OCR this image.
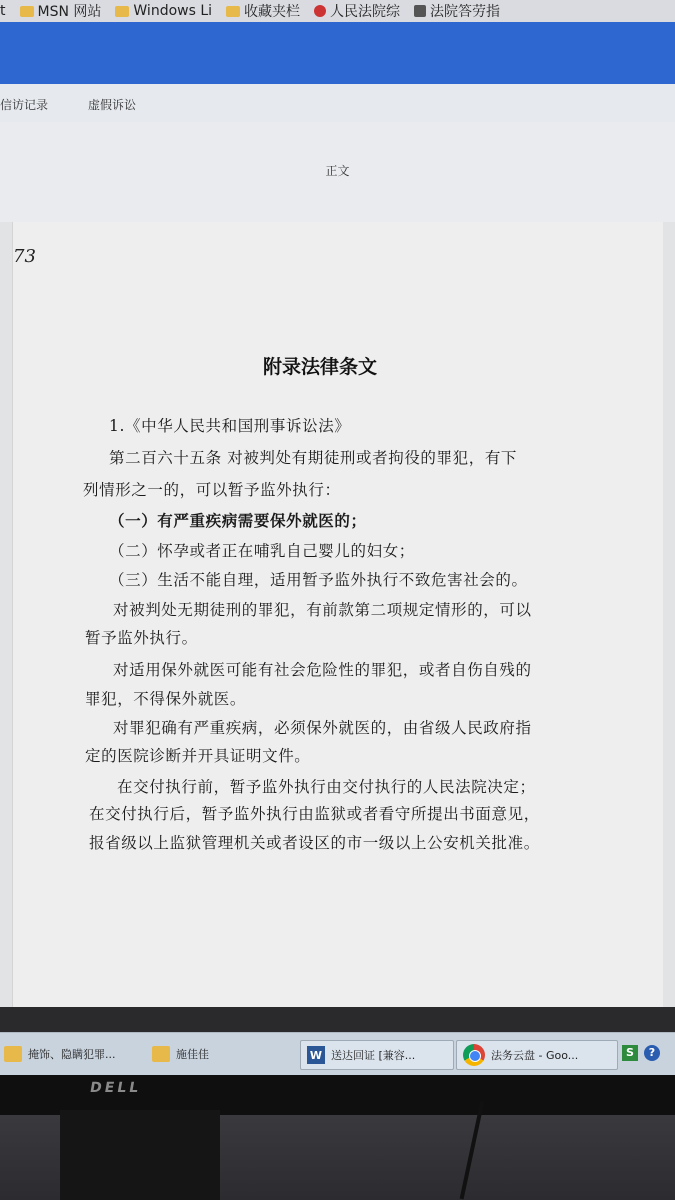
t MSN 网站 Windows Li 收藏夹栏 人民法院综 法院答劳指
信访记录	虚假诉讼
正文
73
附录法律条文
1.《中华人民共和国刑事诉讼法》
第二百六十五条 对被判处有期徒刑或者拘役的罪犯，有下
列情形之一的，可以暂予监外执行：
（一）有严重疾病需要保外就医的；
（二）怀孕或者正在哺乳自己婴儿的妇女；
（三）生活不能自理，适用暂予监外执行不致危害社会的。
对被判处无期徒刑的罪犯，有前款第二项规定情形的，可以
暂予监外执行。
对适用保外就医可能有社会危险性的罪犯，或者自伤自残的
罪犯，不得保外就医。
对罪犯确有严重疾病，必须保外就医的，由省级人民政府指
定的医院诊断并开具证明文件。
在交付执行前，暂予监外执行由交付执行的人民法院决定；
在交付执行后，暂予监外执行由监狱或者看守所提出书面意见，
报省级以上监狱管理机关或者设区的市一级以上公安机关批准。
掩饰、隐瞒犯罪...	施佳佳	W 送达回证 [兼容...	法务云盘 - Goo...	S	?
DELL
